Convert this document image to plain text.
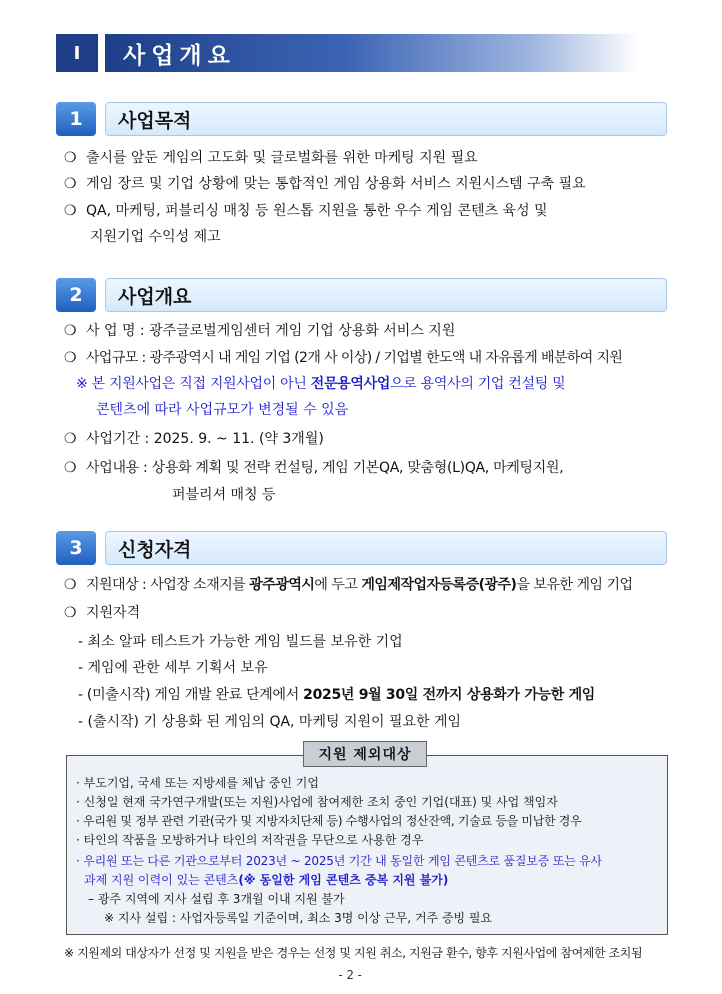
Ⅰ	사업개요
1	사업목적
❍ 출시를 앞둔 게임의 고도화 및 글로벌화를 위한 마케팅 지원 필요
❍ 게임 장르 및 기업 상황에 맞는 통합적인 게임 상용화 서비스 지원시스템 구축 필요
❍ QA, 마케팅, 퍼블리싱 매칭 등 원스톱 지원을 통한 우수 게임 콘텐츠 육성 및
지원기업 수익성 제고
2	사업개요
❍ 사 업 명 : 광주글로벌게임센터 게임 기업 상용화 서비스 지원
❍ 사업규모 : 광주광역시 내 게임 기업 (2개 사 이상) / 기업별 한도액 내 자유롭게 배분하여 지원
※ 본 지원사업은 직접 지원사업이 아닌 전문용역사업으로 용역사의 기업 컨설팅 및
콘텐츠에 따라 사업규모가 변경될 수 있음
❍ 사업기간 : 2025. 9. ~ 11. (약 3개월)
❍ 사업내용 : 상용화 계획 및 전략 컨설팅, 게임 기본QA, 맞춤형(L)QA, 마케팅지원,
퍼블리셔 매칭 등
3	신청자격
❍ 지원대상 : 사업장 소재지를 광주광역시에 두고 게임제작업자등록증(광주)을 보유한 게임 기업
❍ 지원자격
- 최소 알파 테스트가 가능한 게임 빌드를 보유한 기업
- 게임에 관한 세부 기획서 보유
- (미출시작) 게임 개발 완료 단계에서 2025년 9월 30일 전까지 상용화가 가능한 게임
- (출시작) 기 상용화 된 게임의 QA, 마케팅 지원이 필요한 게임
지원 제외대상
· 부도기업, 국세 또는 지방세를 체납 중인 기업
· 신청일 현재 국가연구개발(또는 지원)사업에 참여제한 조치 중인 기업(대표) 및 사업 책임자
· 우리원 및 정부 관련 기관(국가 및 지방자치단체 등) 수행사업의 정산잔액, 기술료 등을 미납한 경우
· 타인의 작품을 모방하거나 타인의 저작권을 무단으로 사용한 경우
· 우리원 또는 다른 기관으로부터 2023년 ~ 2025년 기간 내 동일한 게임 콘텐츠로 품질보증 또는 유사
과제 지원 이력이 있는 콘텐츠(※ 동일한 게임 콘텐츠 중복 지원 불가)
– 광주 지역에 지사 설립 후 3개월 이내 지원 불가
※ 지사 설립 : 사업자등록일 기준이며, 최소 3명 이상 근무, 거주 증빙 필요
※ 지원제외 대상자가 선정 및 지원을 받은 경우는 선정 및 지원 취소, 지원금 환수, 향후 지원사업에 참여제한 조치됨
- 2 -
